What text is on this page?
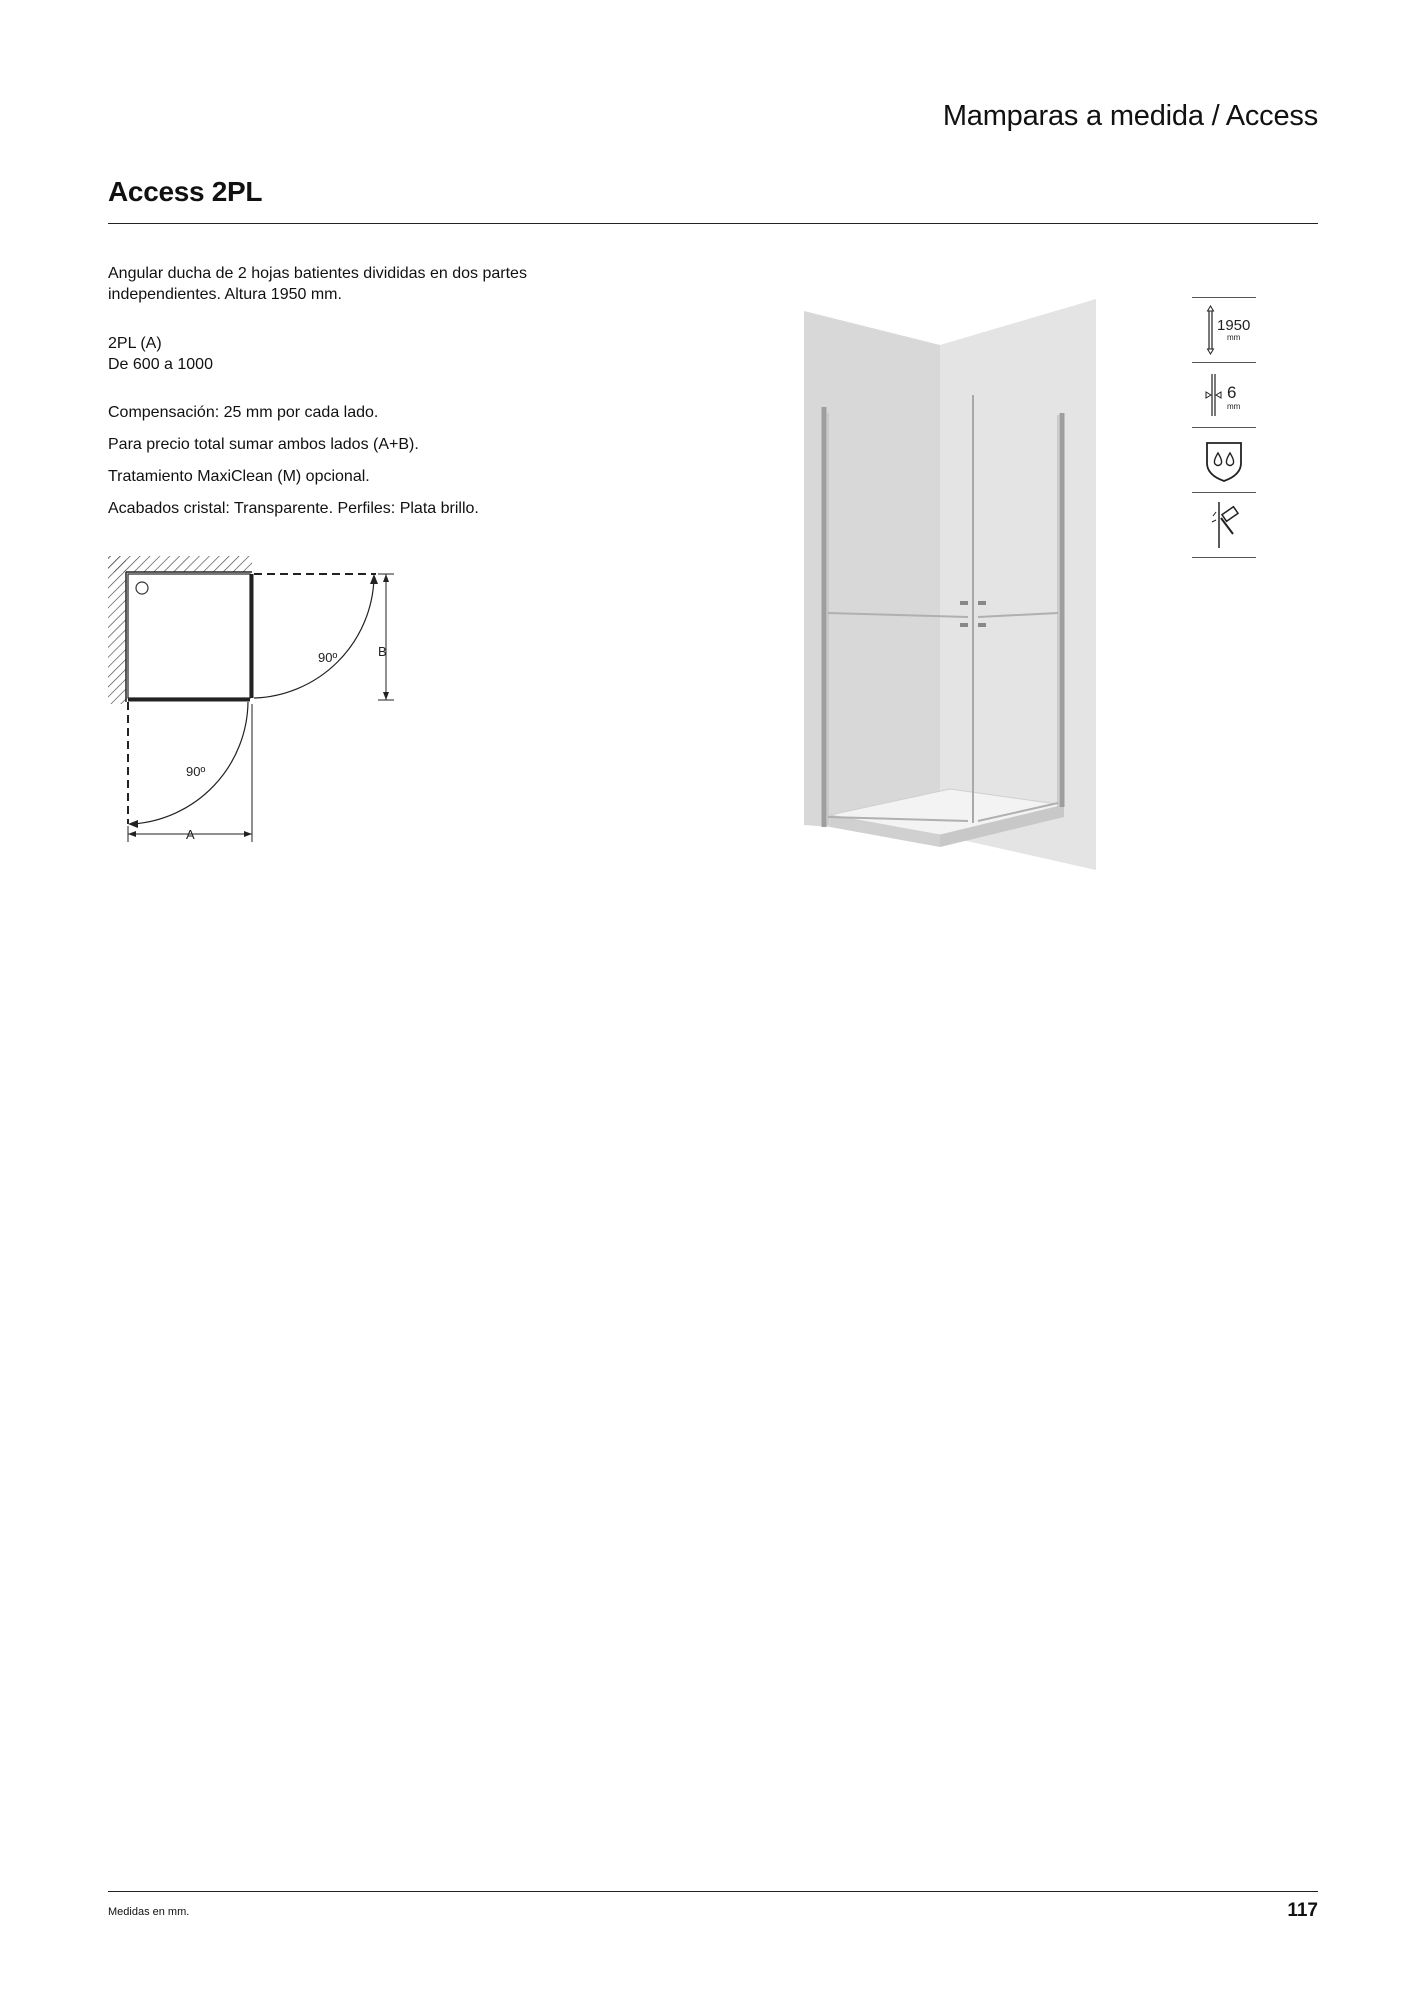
Mamparas a medida / Access
Access 2PL
Angular ducha de 2 hojas batientes divididas en dos partes independientes. Altura 1950 mm.
2PL (A)
De 600 a 1000

Compensación: 25 mm por cada lado.

Para precio total sumar ambos lados (A+B).

Tratamiento MaxiClean (M) opcional.

Acabados cristal: Transparente. Perfiles: Plata brillo.

90º	B
90º
A
1950
mm
6
mm
Medidas en mm.	117
